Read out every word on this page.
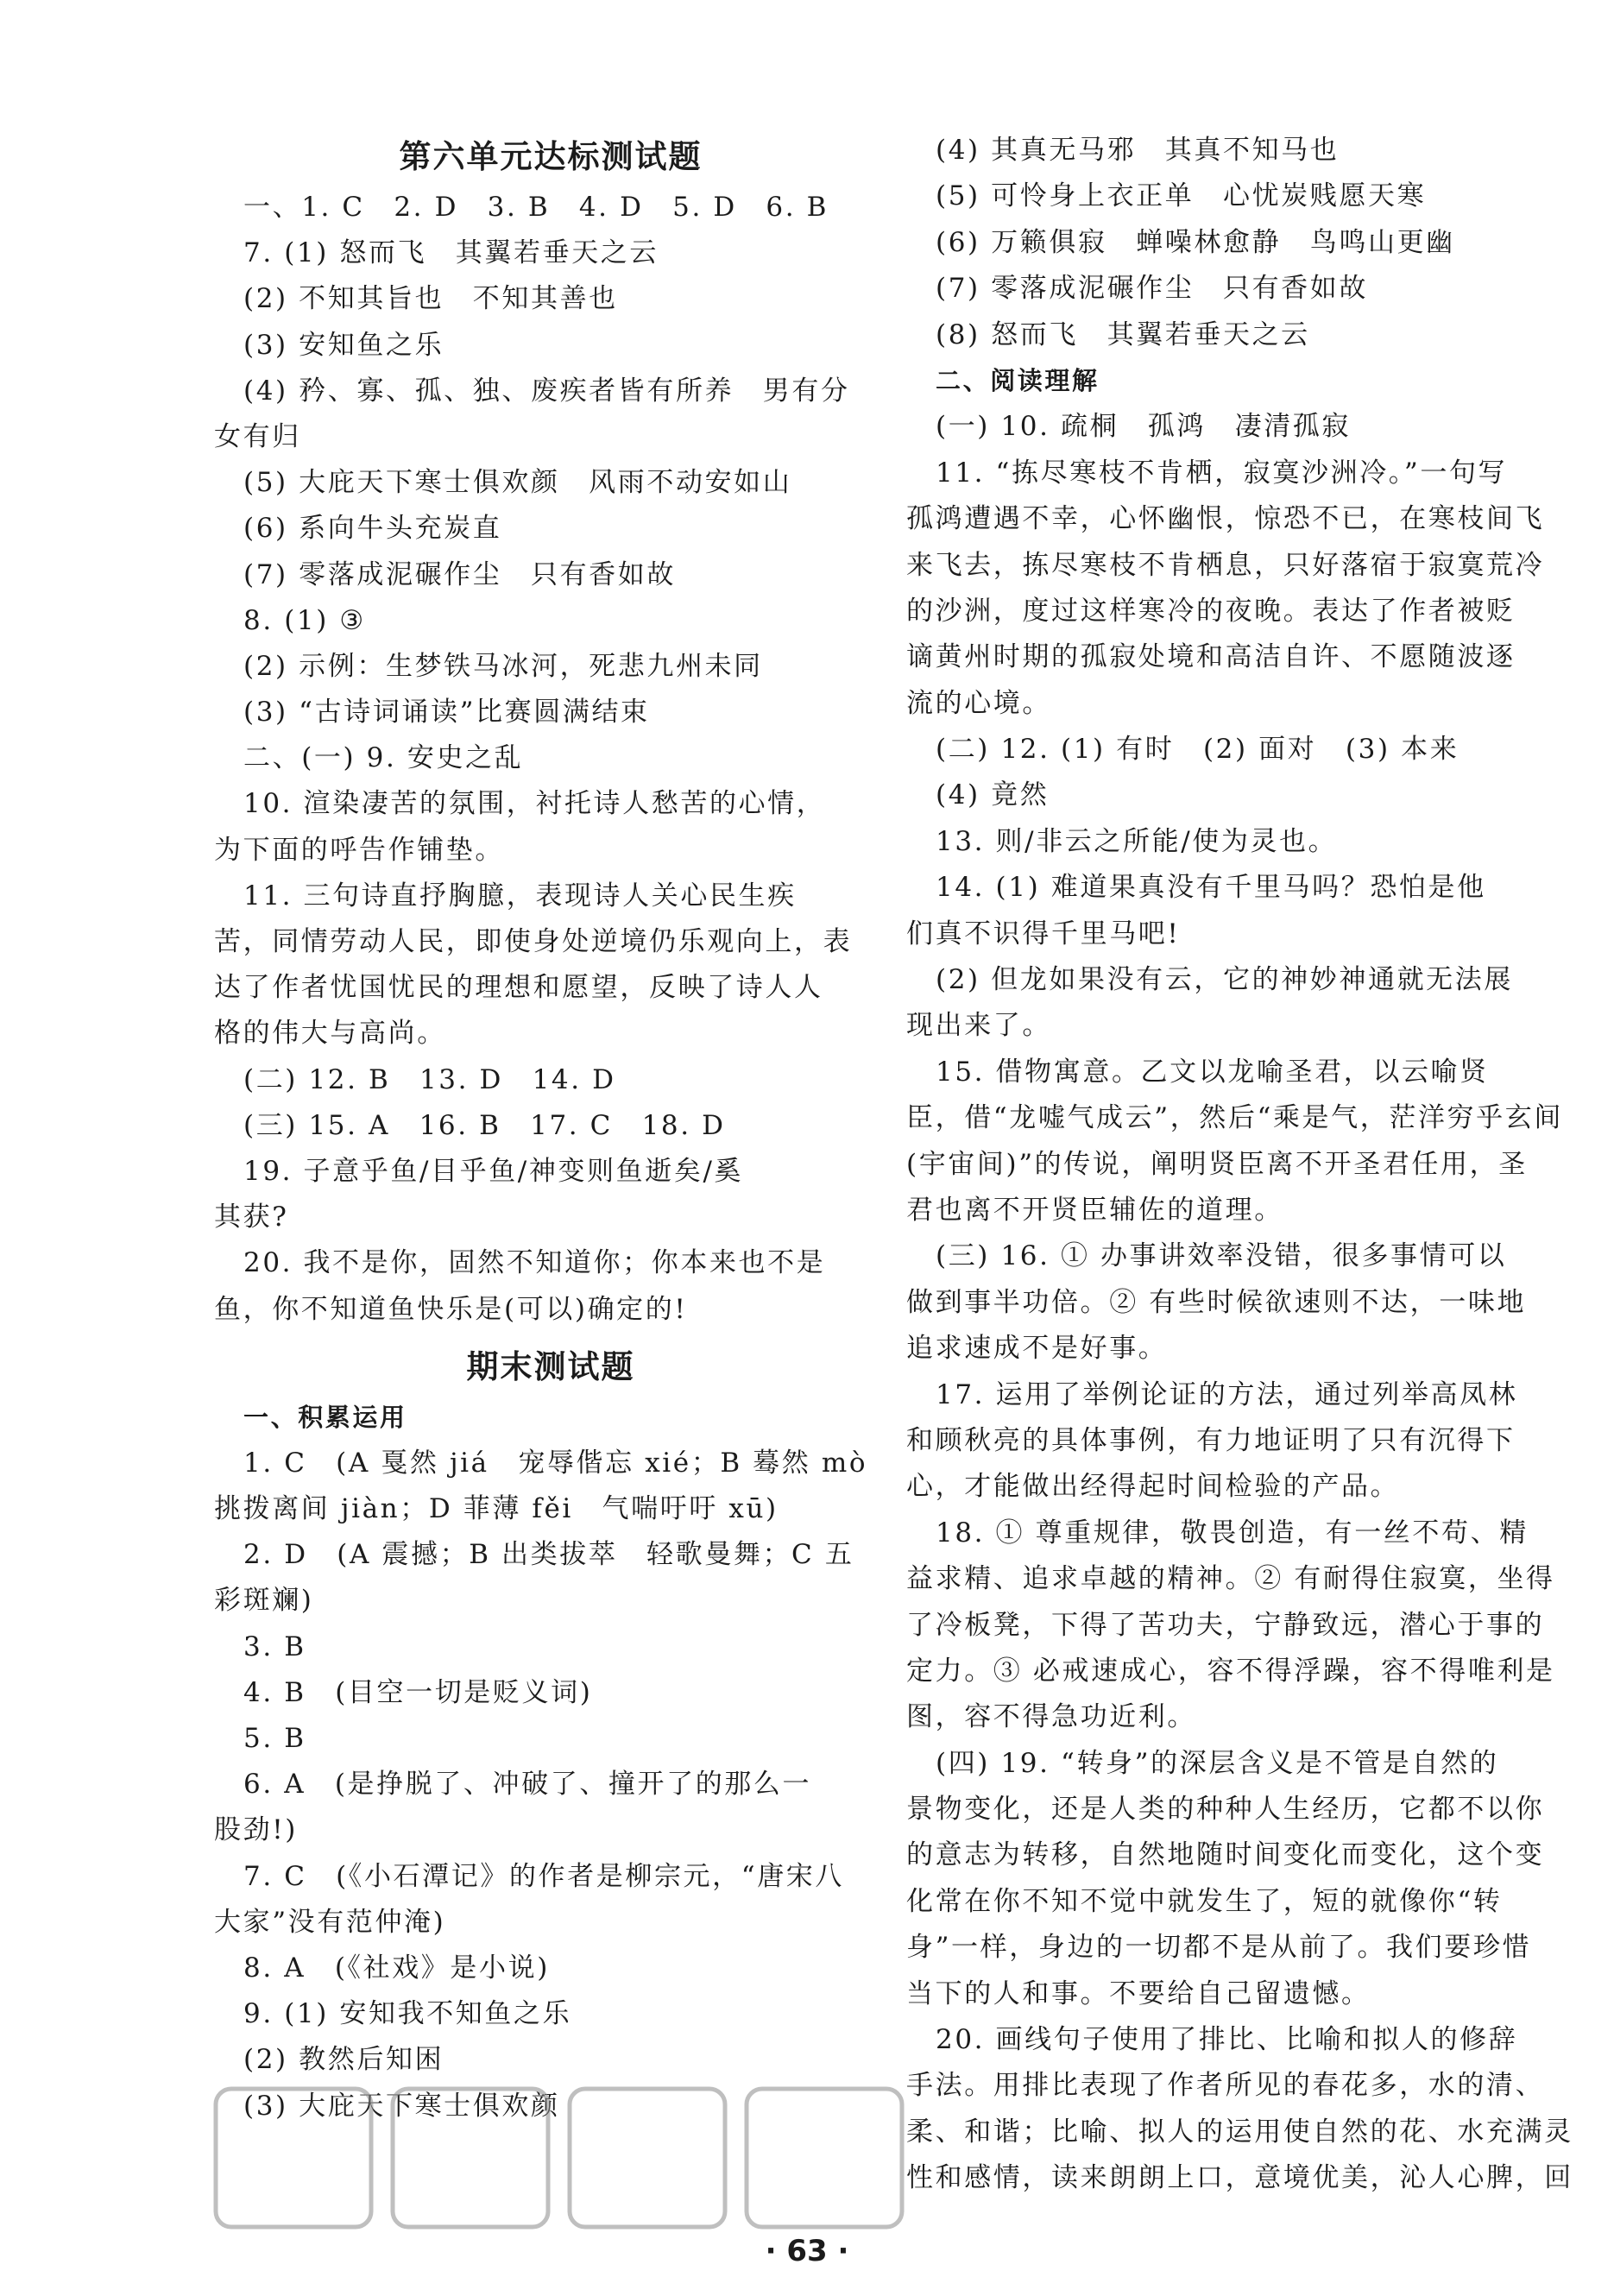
第六单元达标测试题
一、1. C　2. D　3. B　4. D　5. D　6. B
7. (1) 怒而飞　其翼若垂天之云
(2) 不知其旨也　不知其善也
(3) 安知鱼之乐
(4) 矜、寡、孤、独、废疾者皆有所养　男有分
女有归
(5) 大庇天下寒士俱欢颜　风雨不动安如山
(6) 系向牛头充炭直
(7) 零落成泥碾作尘　只有香如故
8. (1) ③
(2) 示例：生梦铁马冰河，死悲九州未同
(3) “古诗词诵读”比赛圆满结束
二、(一) 9. 安史之乱
10. 渲染凄苦的氛围，衬托诗人愁苦的心情，
为下面的呼告作铺垫。
11. 三句诗直抒胸臆，表现诗人关心民生疾
苦，同情劳动人民，即使身处逆境仍乐观向上，表
达了作者忧国忧民的理想和愿望，反映了诗人人
格的伟大与高尚。
(二) 12. B　13. D　14. D
(三) 15. A　16. B　17. C　18. D
19. 子意乎鱼/目乎鱼/神变则鱼逝矣/奚
其获?
20. 我不是你，固然不知道你；你本来也不是
鱼，你不知道鱼快乐是(可以)确定的!
期末测试题
一、积累运用
1. C　(A 戛然 jiá　宠辱偕忘 xié；B 蓦然 mò
挑拨离间 jiàn；D 菲薄 fěi　气喘吁吁 xū)
2. D　(A 震撼；B 出类拔萃　轻歌曼舞；C 五
彩斑斓)
3. B
4. B　(目空一切是贬义词)
5. B
6. A　(是挣脱了、冲破了、撞开了的那么一
股劲!)
7. C　(《小石潭记》的作者是柳宗元，“唐宋八
大家”没有范仲淹)
8. A　(《社戏》是小说)
9. (1) 安知我不知鱼之乐
(2) 教然后知困
(3) 大庇天下寒士俱欢颜
(4) 其真无马邪　其真不知马也
(5) 可怜身上衣正单　心忧炭贱愿天寒
(6) 万籁俱寂　蝉噪林愈静　鸟鸣山更幽
(7) 零落成泥碾作尘　只有香如故
(8) 怒而飞　其翼若垂天之云
二、阅读理解
(一) 10. 疏桐　孤鸿　凄清孤寂
11. “拣尽寒枝不肯栖，寂寞沙洲冷。”一句写
孤鸿遭遇不幸，心怀幽恨，惊恐不已，在寒枝间飞
来飞去，拣尽寒枝不肯栖息，只好落宿于寂寞荒冷
的沙洲，度过这样寒冷的夜晚。表达了作者被贬
谪黄州时期的孤寂处境和高洁自许、不愿随波逐
流的心境。
(二) 12. (1) 有时　(2) 面对　(3) 本来
(4) 竟然
13. 则/非云之所能/使为灵也。
14. (1) 难道果真没有千里马吗？恐怕是他
们真不识得千里马吧!
(2) 但龙如果没有云，它的神妙神通就无法展
现出来了。
15. 借物寓意。乙文以龙喻圣君，以云喻贤
臣，借“龙嘘气成云”，然后“乘是气，茫洋穷乎玄间
(宇宙间)”的传说，阐明贤臣离不开圣君任用，圣
君也离不开贤臣辅佐的道理。
(三) 16. ① 办事讲效率没错，很多事情可以
做到事半功倍。② 有些时候欲速则不达，一味地
追求速成不是好事。
17. 运用了举例论证的方法，通过列举高凤林
和顾秋亮的具体事例，有力地证明了只有沉得下
心，才能做出经得起时间检验的产品。
18. ① 尊重规律，敬畏创造，有一丝不苟、精
益求精、追求卓越的精神。② 有耐得住寂寞，坐得
了冷板凳，下得了苦功夫，宁静致远，潜心于事的
定力。③ 必戒速成心，容不得浮躁，容不得唯利是
图，容不得急功近利。
(四) 19. “转身”的深层含义是不管是自然的
景物变化，还是人类的种种人生经历，它都不以你
的意志为转移，自然地随时间变化而变化，这个变
化常在你不知不觉中就发生了，短的就像你“转
身”一样，身边的一切都不是从前了。我们要珍惜
当下的人和事。不要给自己留遗憾。
20. 画线句子使用了排比、比喻和拟人的修辞
手法。用排比表现了作者所见的春花多，水的清、
柔、和谐；比喻、拟人的运用使自然的花、水充满灵
性和感情，读来朗朗上口，意境优美，沁人心脾，回
· 63 ·
